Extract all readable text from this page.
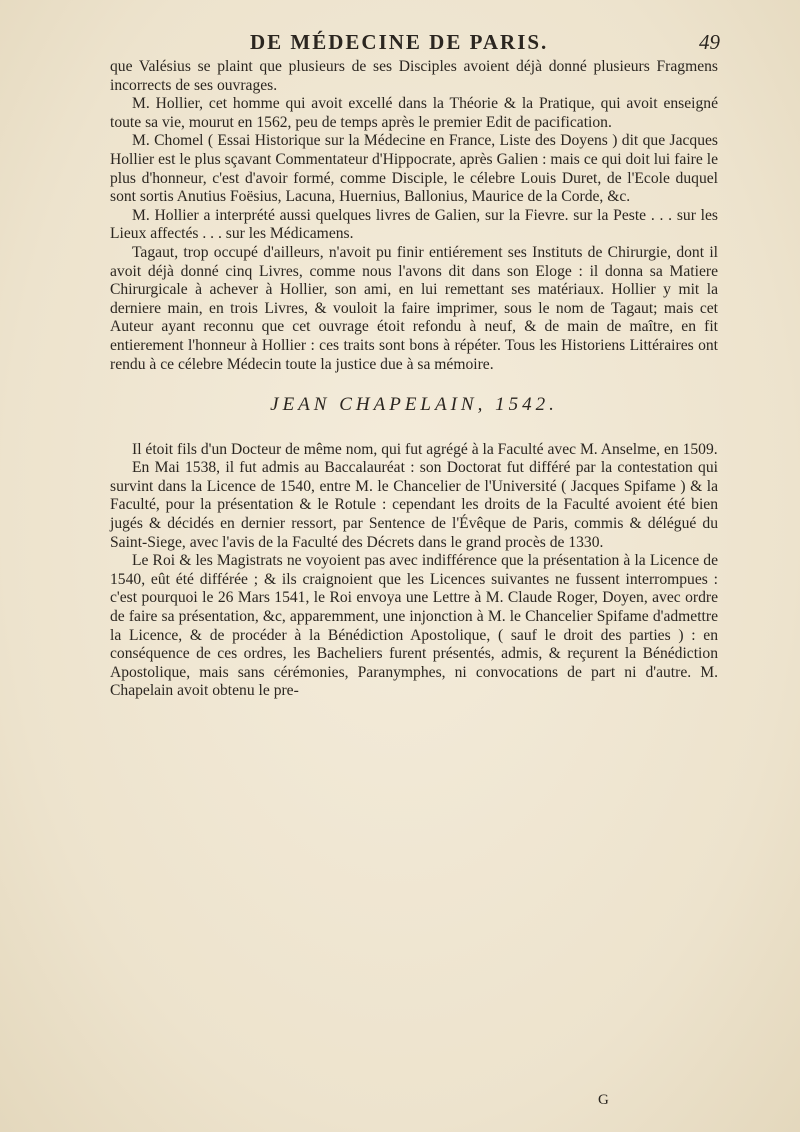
DE MÉDECINE DE PARIS.	49

que Valésius se plaint que plusieurs de ses Disciples avoient déjà donné plusieurs Fragmens incorrects de ses ouvrages.

M. Hollier, cet homme qui avoit excellé dans la Théorie & la Pratique, qui avoit enseigné toute sa vie, mourut en 1562, peu de temps après le premier Edit de pacification.

M. Chomel ( Essai Historique sur la Médecine en France, Liste des Doyens ) dit que Jacques Hollier est le plus sçavant Commentateur d'Hippocrate, après Galien : mais ce qui doit lui faire le plus d'honneur, c'est d'avoir formé, comme Disciple, le célebre Louis Duret, de l'Ecole duquel sont sortis Anutius Foësius, Lacuna, Huernius, Ballonius, Maurice de la Corde, &c.

M. Hollier a interprété aussi quelques livres de Galien, sur la Fievre. sur la Peste . . . sur les Lieux affectés . . . sur les Médicamens.

Tagaut, trop occupé d'ailleurs, n'avoit pu finir entiérement ses Instituts de Chirurgie, dont il avoit déjà donné cinq Livres, comme nous l'avons dit dans son Eloge : il donna sa Matiere Chirurgicale à achever à Hollier, son ami, en lui remettant ses matériaux. Hollier y mit la derniere main, en trois Livres, & vouloit la faire imprimer, sous le nom de Tagaut; mais cet Auteur ayant reconnu que cet ouvrage étoit refondu à neuf, & de main de maître, en fit entierement l'honneur à Hollier : ces traits sont bons à répéter. Tous les Historiens Littéraires ont rendu à ce célebre Médecin toute la justice due à sa mémoire.

JEAN CHAPELAIN, 1542.

Il étoit fils d'un Docteur de même nom, qui fut agrégé à la Faculté avec M. Anselme, en 1509.

En Mai 1538, il fut admis au Baccalauréat : son Doctorat fut différé par la contestation qui survint dans la Licence de 1540, entre M. le Chancelier de l'Université ( Jacques Spifame ) & la Faculté, pour la présentation & le Rotule : cependant les droits de la Faculté avoient été bien jugés & décidés en dernier ressort, par Sentence de l'Évêque de Paris, commis & délégué du Saint-Siege, avec l'avis de la Faculté des Décrets dans le grand procès de 1330.

Le Roi & les Magistrats ne voyoient pas avec indifférence que la présentation à la Licence de 1540, eût été différée ; & ils craignoient que les Licences suivantes ne fussent interrompues : c'est pourquoi le 26 Mars 1541, le Roi envoya une Lettre à M. Claude Roger, Doyen, avec ordre de faire sa présentation, &c, apparemment, une injonction à M. le Chancelier Spifame d'admettre la Licence, & de procéder à la Bénédiction Apostolique, ( sauf le droit des parties ) : en conséquence de ces ordres, les Bacheliers furent présentés, admis, & reçurent la Bénédiction Apostolique, mais sans cérémonies, Paranymphes, ni convocations de part ni d'autre. M. Chapelain avoit obtenu le pre-

G
